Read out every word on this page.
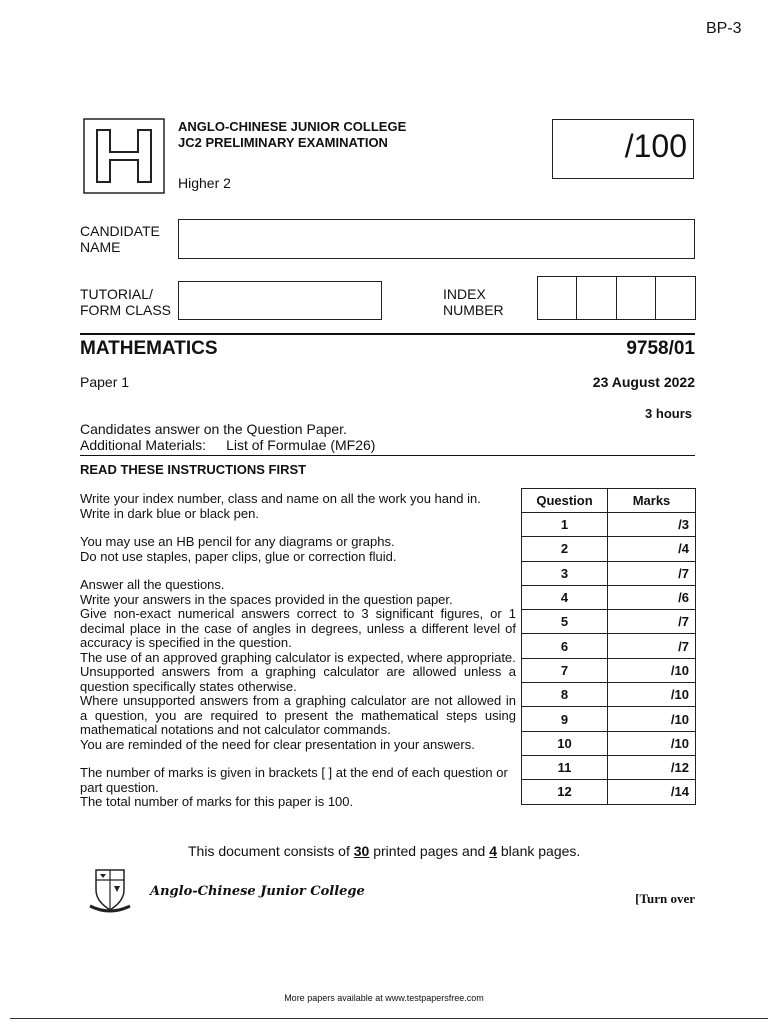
BP-3
ANGLO-CHINESE JUNIOR COLLEGE
JC2 PRELIMINARY EXAMINATION
Higher 2
/100
CANDIDATE
NAME
TUTORIAL/
FORM CLASS
INDEX
NUMBER
MATHEMATICS	9758/01
Paper 1	23 August 2022
3 hours
Candidates answer on the Question Paper.
Additional Materials: List of Formulae (MF26)
READ THESE INSTRUCTIONS FIRST

Write your index number, class and name on all the work you hand in.

Write in dark blue or black pen.

You may use an HB pencil for any diagrams or graphs.

Do not use staples, paper clips, glue or correction fluid.

Answer all the questions.

Write your answers in the spaces provided in the question paper.

Give non-exact numerical answers correct to 3 significant figures, or 1 decimal place in the case of angles in degrees, unless a different level of accuracy is specified in the question.

The use of an approved graphing calculator is expected, where appropriate.

Unsupported answers from a graphing calculator are allowed unless a question specifically states otherwise.

Where unsupported answers from a graphing calculator are not allowed in a question, you are required to present the mathematical steps using mathematical notations and not calculator commands.

You are reminded of the need for clear presentation in your answers.

The number of marks is given in brackets [ ] at the end of each question or part question.

The total number of marks for this paper is 100.

Question	Marks
1	/3
2	/4
3	/7
4	/6
5	/7
6	/7
7	/10
8	/10
9	/10
10	/10
11	/12
12	/14
This document consists of 30 printed pages and 4 blank pages.
Anglo-Chinese Junior College	[Turn over
More papers available at www.testpapersfree.com
